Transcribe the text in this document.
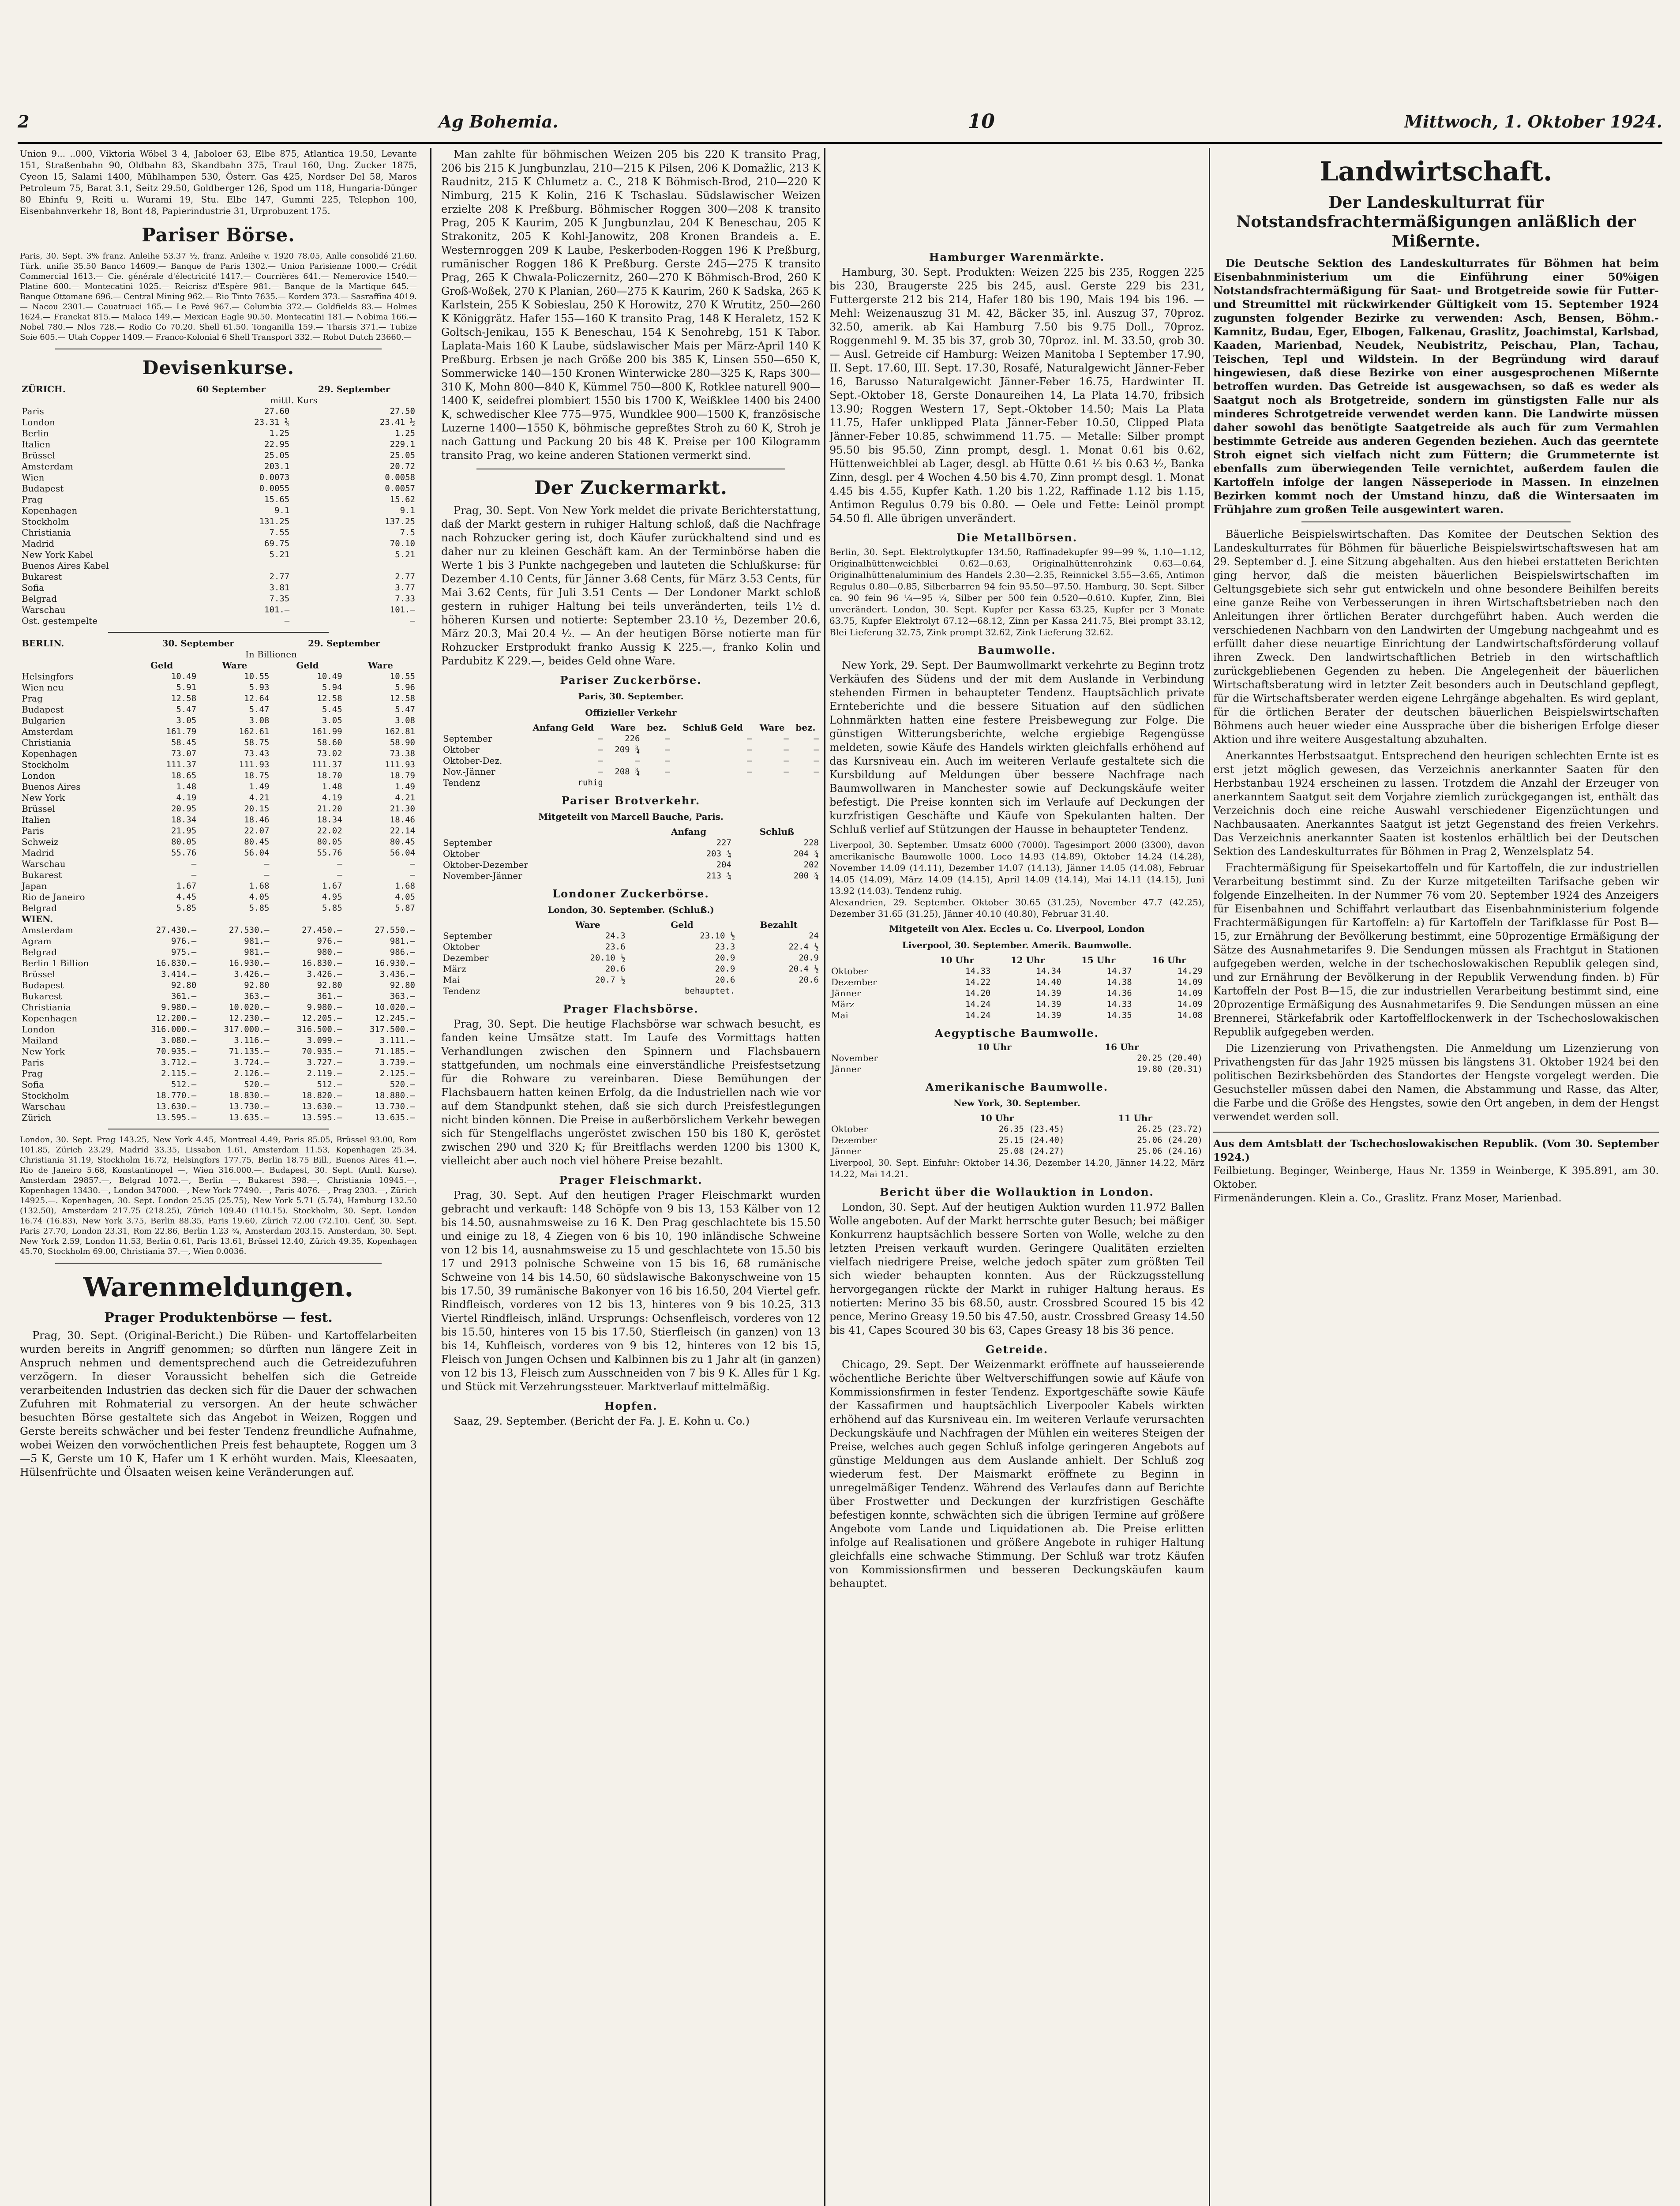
2	Ag Bohemia.	10	Mittwoch, 1. Oktober 1924.
Union 9... ..000, Viktoria Wöbel 3 4, Jaboloer 63, Elbe 875, Atlantica 19.50, Levante 151, Straßenbahn 90, Oldbahn 83, Skandbahn 375, Traul 160, Ung. Zucker 1875, Cyeon 15, Salami 1400, Mühlhampen 530, Österr. Gas 425, Nordser Del 58, Maros Petroleum 75, Barat 3.1, Seitz 29.50, Goldberger 126, Spod um 118, Hungaria-Dünger 80 Ehinfu 9, Reiti u. Wurami 19, Stu. Elbe 147, Gummi 225, Telephon 100, Eisenbahnverkehr 18, Bont 48, Papierindustrie 31, Urprobuzent 175.
Pariser Börse.
Paris, 30. Sept. 3% franz. Anleihe 53.37 ½, franz. Anleihe v. 1920 78.05, Anlle consolidé 21.60. Türk. unifie 35.50 Banco 14609.— Banque de Paris 1302.— Union Parisienne 1000.— Crédit Commercial 1613.— Cie. générale d'électricité 1417.— Courrières 641.— Nemerovice 1540.— Platine 600.— Montecatini 1025.— Reicrisz d'Espère 981.— Banque de la Martique 645.— Banque Ottomane 696.— Central Mining 962.— Rio Tinto 7635.— Kordem 373.— Sasraffina 4019.— Nacou 2301.— Cauatruaci 165.— Le Pavé 967.— Columbia 372.— Goldfields 83.— Holmes 1624.— Franckat 815.— Malaca 149.— Mexican Eagle 90.50. Montecatini 181.— Nobima 166.— Nobel 780.— Nlos 728.— Rodio Co 70.20. Shell 61.50. Tonganilla 159.— Tharsis 371.— Tubize Soie 605.— Utah Copper 1409.— Franco-Kolonial 6 Shell Transport 332.— Robot Dutch 23660.—
Devisenkurse.
ZÜRICH.	60 September	29. September
	mittl. Kurs	
Paris	27.60	27.50
London	23.31 ¾	23.41 ½
Berlin	1.25	1.25
Italien	22.95	229.1
Brüssel	25.05	25.05
Amsterdam	203.1	20.72
Wien	0.0073	0.0058
Budapest	0.0055	0.0057
Prag	15.65	15.62
Kopenhagen	9.1	9.1
Stockholm	131.25	137.25
Christiania	7.55	7.5
Madrid	69.75	70.10
New York Kabel	5.21	5.21
Buenos Aires Kabel		
Bukarest	2.77	2.77
Sofia	3.81	3.77
Belgrad	7.35	7.33
Warschau	101.—	101.—
Ost. gestempelte	—	—
BERLIN.	30. September		29. September	
	In Billionen			
	Geld	Ware	Geld	Ware
Helsingfors	10.49	10.55	10.49	10.55
Wien neu	5.91	5.93	5.94	5.96
Prag	12.58	12.64	12.58	12.58
Budapest	5.47	5.47	5.45	5.47
Bulgarien	3.05	3.08	3.05	3.08
Amsterdam	161.79	162.61	161.99	162.81
Christiania	58.45	58.75	58.60	58.90
Kopenhagen	73.07	73.43	73.02	73.38
Stockholm	111.37	111.93	111.37	111.93
London	18.65	18.75	18.70	18.79
Buenos Aires	1.48	1.49	1.48	1.49
New York	4.19	4.21	4.19	4.21
Brüssel	20.95	20.15	21.20	21.30
Italien	18.34	18.46	18.34	18.46
Paris	21.95	22.07	22.02	22.14
Schweiz	80.05	80.45	80.05	80.45
Madrid	55.76	56.04	55.76	56.04
Warschau	—	—	—	—
Bukarest	—	—	—	—
Japan	1.67	1.68	1.67	1.68
Rio de Janeiro	4.45	4.05	4.95	4.05
Belgrad	5.85	5.85	5.85	5.87
WIEN.				
Amsterdam	27.430.—	27.530.—	27.450.—	27.550.—
Agram	976.—	981.—	976.—	981.—
Belgrad	975.—	981.—	980.—	986.—
Berlin 1 Billion	16.830.—	16.930.—	16.830.—	16.930.—
Brüssel	3.414.—	3.426.—	3.426.—	3.436.—
Budapest	92.80	92.80	92.80	92.80
Bukarest	361.—	363.—	361.—	363.—
Christiania	9.980.—	10.020.—	9.980.—	10.020.—
Kopenhagen	12.200.—	12.230.—	12.205.—	12.245.—
London	316.000.—	317.000.—	316.500.—	317.500.—
Mailand	3.080.—	3.116.—	3.099.—	3.111.—
New York	70.935.—	71.135.—	70.935.—	71.185.—
Paris	3.712.—	3.724.—	3.727.—	3.739.—
Prag	2.115.—	2.126.—	2.119.—	2.125.—
Sofia	512.—	520.—	512.—	520.—
Stockholm	18.770.—	18.830.—	18.820.—	18.880.—
Warschau	13.630.—	13.730.—	13.630.—	13.730.—
Zürich	13.595.—	13.635.—	13.595.—	13.635.—
London, 30. Sept. Prag 143.25, New York 4.45, Montreal 4.49, Paris 85.05, Brüssel 93.00, Rom 101.85, Zürich 23.29, Madrid 33.35, Lissabon 1.61, Amsterdam 11.53, Kopenhagen 25.34, Christiania 31.19, Stockholm 16.72, Helsingfors 177.75, Berlin 18.75 Bill., Buenos Aires 41.—, Rio de Janeiro 5.68, Konstantinopel —, Wien 316.000.—. Budapest, 30. Sept. (Amtl. Kurse). Amsterdam 29857.—, Belgrad 1072.—, Berlin —, Bukarest 398.—, Christiania 10945.—, Kopenhagen 13430.—, London 347000.—, New York 77490.—, Paris 4076.—, Prag 2303.—, Zürich 14925.—. Kopenhagen, 30. Sept. London 25.35 (25.75), New York 5.71 (5.74), Hamburg 132.50 (132.50), Amsterdam 217.75 (218.25), Zürich 109.40 (110.15). Stockholm, 30. Sept. London 16.74 (16.83), New York 3.75, Berlin 88.35, Paris 19.60, Zürich 72.00 (72.10). Genf, 30. Sept. Paris 27.70, London 23.31, Rom 22.86, Berlin 1.23 ¾, Amsterdam 203.15. Amsterdam, 30. Sept. New York 2.59, London 11.53, Berlin 0.61, Paris 13.61, Brüssel 12.40, Zürich 49.35, Kopenhagen 45.70, Stockholm 69.00, Christiania 37.—, Wien 0.0036.
Warenmeldungen.
Prager Produktenbörse — fest.

Prag, 30. Sept. (Original-Bericht.) Die Rüben- und Kartoffelarbeiten wurden bereits in Angriff genommen; so dürften nun längere Zeit in Anspruch nehmen und dementsprechend auch die Getreidezufuhren verzögern. In dieser Voraussicht behelfen sich die Getreide verarbeitenden Industrien das decken sich für die Dauer der schwachen Zufuhren mit Rohmaterial zu versorgen. An der heute schwächer besuchten Börse gestaltete sich das Angebot in Weizen, Roggen und Gerste bereits schwächer und bei fester Tendenz freundliche Aufnahme, wobei Weizen den vorwöchentlichen Preis fest behauptete, Roggen um 3—5 K, Gerste um 10 K, Hafer um 1 K erhöht wurden. Mais, Kleesaaten, Hülsenfrüchte und Ölsaaten weisen keine Veränderungen auf.

Man zahlte für böhmischen Weizen 205 bis 220 K transito Prag, 206 bis 215 K Jungbunzlau, 210—215 K Pilsen, 206 K Domažlic, 213 K Raudnitz, 215 K Chlumetz a. C., 218 K Böhmisch-Brod, 210—220 K Nimburg, 215 K Kolin, 216 K Tschaslau. Südslawischer Weizen erzielte 208 K Preßburg. Böhmischer Roggen 300—208 K transito Prag, 205 K Kaurim, 205 K Jungbunzlau, 204 K Beneschau, 205 K Strakonitz, 205 K Kohl-Janowitz, 208 Kronen Brandeis a. E. Westernroggen 209 K Laube, Peskerboden-Roggen 196 K Preßburg, rumänischer Roggen 186 K Preßburg. Gerste 245—275 K transito Prag, 265 K Chwala-Policzernitz, 260—270 K Böhmisch-Brod, 260 K Groß-Woßek, 270 K Planian, 260—275 K Kaurim, 260 K Sadska, 265 K Karlstein, 255 K Sobieslau, 250 K Horowitz, 270 K Wrutitz, 250—260 K Königgrätz. Hafer 155—160 K transito Prag, 148 K Heraletz, 152 K Goltsch-Jenikau, 155 K Beneschau, 154 K Senohrebg, 151 K Tabor. Laplata-Mais 160 K Laube, südslawischer Mais per März-April 140 K Preßburg. Erbsen je nach Größe 200 bis 385 K, Linsen 550—650 K, Sommerwicke 140—150 Kronen Winterwicke 280—325 K, Raps 300—310 K, Mohn 800—840 K, Kümmel 750—800 K, Rotklee naturell 900—1400 K, seidefrei plombiert 1550 bis 1700 K, Weißklee 1400 bis 2400 K, schwedischer Klee 775—975, Wundklee 900—1500 K, französische Luzerne 1400—1550 K, böhmische gepreßtes Stroh zu 60 K, Stroh je nach Gattung und Packung 20 bis 48 K. Preise per 100 Kilogramm transito Prag, wo keine anderen Stationen vermerkt sind.

Der Zuckermarkt.

Prag, 30. Sept. Von New York meldet die private Berichterstattung, daß der Markt gestern in ruhiger Haltung schloß, daß die Nachfrage nach Rohzucker gering ist, doch Käufer zurückhaltend sind und es daher nur zu kleinen Geschäft kam. An der Terminbörse haben die Werte 1 bis 3 Punkte nachgegeben und lauteten die Schlußkurse: für Dezember 4.10 Cents, für Jänner 3.68 Cents, für März 3.53 Cents, für Mai 3.62 Cents, für Juli 3.51 Cents — Der Londoner Markt schloß gestern in ruhiger Haltung bei teils unveränderten, teils 1½ d. höheren Kursen und notierte: September 23.10 ½, Dezember 20.6, März 20.3, Mai 20.4 ½. — An der heutigen Börse notierte man für Rohzucker Erstprodukt franko Aussig K 225.—, franko Kolin und Pardubitz K 229.—, beides Geld ohne Ware.

Pariser Zuckerbörse.
Paris, 30. September.
Offizieller Verkehr
	Anfang Geld	Ware	bez.	Schluß Geld	Ware	bez.
September	—	226	—	—	—	—
Oktober	—	209 ¾	—	—	—	—
Oktober-Dez.	—	—	—	—	—	—
Nov.-Jänner	—	208 ¾	—	—	—	—
Tendenz	ruhig					
Pariser Brotverkehr.
Mitgeteilt von Marcell Bauche, Paris.
	Anfang	Schluß
September	227	228
Oktober	203 ¾	204 ¾
Oktober-Dezember	204	202
November-Jänner	213 ¾	200 ¾
Londoner Zuckerbörse.
London, 30. September. (Schluß.)
	Ware	Geld	Bezahlt
September	24.3	23.10 ½	24
Oktober	23.6	23.3	22.4 ½
Dezember	20.10 ½	20.9	20.9
März	20.6	20.9	20.4 ½
Mai	20.7 ½	20.6	20.6
Tendenz		behauptet.	
Prager Flachsbörse.

Prag, 30. Sept. Die heutige Flachsbörse war schwach besucht, es fanden keine Umsätze statt. Im Laufe des Vormittags hatten Verhandlungen zwischen den Spinnern und Flachsbauern stattgefunden, um nochmals eine einverständliche Preisfestsetzung für die Rohware zu vereinbaren. Diese Bemühungen der Flachsbauern hatten keinen Erfolg, da die Industriellen nach wie vor auf dem Standpunkt stehen, daß sie sich durch Preisfestlegungen nicht binden können. Die Preise in außerbörslichem Verkehr bewegen sich für Stengelflachs ungeröstet zwischen 150 bis 180 K, geröstet zwischen 290 und 320 K; für Breitflachs werden 1200 bis 1300 K, vielleicht aber auch noch viel höhere Preise bezahlt.

Prager Fleischmarkt.

Prag, 30. Sept. Auf den heutigen Prager Fleischmarkt wurden gebracht und verkauft: 148 Schöpfe von 9 bis 13, 153 Kälber von 12 bis 14.50, ausnahmsweise zu 16 K. Den Prag geschlachtete bis 15.50 und einige zu 18, 4 Ziegen von 6 bis 10, 190 inländische Schweine von 12 bis 14, ausnahmsweise zu 15 und geschlachtete von 15.50 bis 17 und 2913 polnische Schweine von 15 bis 16, 68 rumänische Schweine von 14 bis 14.50, 60 südslawische Bakonyschweine von 15 bis 17.50, 39 rumänische Bakonyer von 16 bis 16.50, 204 Viertel gefr. Rindfleisch, vorderes von 12 bis 13, hinteres von 9 bis 10.25, 313 Viertel Rindfleisch, inländ. Ursprungs: Ochsenfleisch, vorderes von 12 bis 15.50, hinteres von 15 bis 17.50, Stierfleisch (in ganzen) von 13 bis 14, Kuhfleisch, vorderes von 9 bis 12, hinteres von 12 bis 15, Fleisch von Jungen Ochsen und Kalbinnen bis zu 1 Jahr alt (in ganzen) von 12 bis 13, Fleisch zum Ausschneiden von 7 bis 9 K. Alles für 1 Kg. und Stück mit Verzehrungssteuer. Marktverlauf mittelmäßig.

Hopfen.

Saaz, 29. September. (Bericht der Fa. J. E. Kohn u. Co.)

Hamburger Warenmärkte.

Hamburg, 30. Sept. Produkten: Weizen 225 bis 235, Roggen 225 bis 230, Braugerste 225 bis 245, ausl. Gerste 229 bis 231, Futtergerste 212 bis 214, Hafer 180 bis 190, Mais 194 bis 196. — Mehl: Weizenauszug 31 M. 42, Bäcker 35, inl. Auszug 37, 70proz. 32.50, amerik. ab Kai Hamburg 7.50 bis 9.75 Doll., 70proz. Roggenmehl 9. M. 35 bis 37, grob 30, 70proz. inl. M. 33.50, grob 30. — Ausl. Getreide cif Hamburg: Weizen Manitoba I September 17.90, II. Sept. 17.60, III. Sept. 17.30, Rosafé, Naturalgewicht Jänner-Feber 16, Barusso Naturalgewicht Jänner-Feber 16.75, Hardwinter II. Sept.-Oktober 18, Gerste Donaureihen 14, La Plata 14.70, fribsich 13.90; Roggen Western 17, Sept.-Oktober 14.50; Mais La Plata 11.75, Hafer unklipped Plata Jänner-Feber 10.50, Clipped Plata Jänner-Feber 10.85, schwimmend 11.75. — Metalle: Silber prompt 95.50 bis 95.50, Zinn prompt, desgl. 1. Monat 0.61 bis 0.62, Hüttenweichblei ab Lager, desgl. ab Hütte 0.61 ½ bis 0.63 ½, Banka Zinn, desgl. per 4 Wochen 4.50 bis 4.70, Zinn prompt desgl. 1. Monat 4.45 bis 4.55, Kupfer Kath. 1.20 bis 1.22, Raffinade 1.12 bis 1.15, Antimon Regulus 0.79 bis 0.80. — Oele und Fette: Leinöl prompt 54.50 fl. Alle übrigen unverändert.

Die Metallbörsen.
Berlin, 30. Sept. Elektrolytkupfer 134.50, Raffinadekupfer 99—99 %, 1.10—1.12, Originalhüttenweichblei 0.62—0.63, Originalhüttenrohzink 0.63—0.64, Originalhüttenaluminium des Handels 2.30—2.35, Reinnickel 3.55—3.65, Antimon Regulus 0.80—0.85, Silberbarren 94 fein 95.50—97.50. Hamburg, 30. Sept. Silber ca. 90 fein 96 ¼—95 ¼, Silber per 500 fein 0.520—0.610. Kupfer, Zinn, Blei unverändert. London, 30. Sept. Kupfer per Kassa 63.25, Kupfer per 3 Monate 63.75, Kupfer Elektrolyt 67.12—68.12, Zinn per Kassa 241.75, Blei prompt 33.12, Blei Lieferung 32.75, Zink prompt 32.62, Zink Lieferung 32.62.
Baumwolle.

New York, 29. Sept. Der Baumwollmarkt verkehrte zu Beginn trotz Verkäufen des Südens und der mit dem Auslande in Verbindung stehenden Firmen in behaupteter Tendenz. Hauptsächlich private Ernteberichte und die bessere Situation auf den südlichen Lohnmärkten hatten eine festere Preisbewegung zur Folge. Die günstigen Witterungsberichte, welche ergiebige Regengüsse meldeten, sowie Käufe des Handels wirkten gleichfalls erhöhend auf das Kursniveau ein. Auch im weiteren Verlaufe gestaltete sich die Kursbildung auf Meldungen über bessere Nachfrage nach Baumwollwaren in Manchester sowie auf Deckungskäufe weiter befestigt. Die Preise konnten sich im Verlaufe auf Deckungen der kurzfristigen Geschäfte und Käufe von Spekulanten halten. Der Schluß verlief auf Stützungen der Hausse in behaupteter Tendenz.

Liverpool, 30. September. Umsatz 6000 (7000). Tagesimport 2000 (3300), davon amerikanische Baumwolle 1000. Loco 14.93 (14.89), Oktober 14.24 (14.28), November 14.09 (14.11), Dezember 14.07 (14.13), Jänner 14.05 (14.08), Februar 14.05 (14.09), März 14.09 (14.15), April 14.09 (14.14), Mai 14.11 (14.15), Juni 13.92 (14.03). Tendenz ruhig.
Alexandrien, 29. September. Oktober 30.65 (31.25), November 47.7 (42.25), Dezember 31.65 (31.25), Jänner 40.10 (40.80), Februar 31.40.
Mitgeteilt von Alex. Eccles u. Co. Liverpool, London
Liverpool, 30. September. Amerik. Baumwolle.
	10 Uhr	12 Uhr	15 Uhr	16 Uhr
Oktober	14.33	14.34	14.37	14.29
Dezember	14.22	14.40	14.38	14.09
Jänner	14.20	14.39	14.36	14.09
März	14.24	14.39	14.33	14.09
Mai	14.24	14.39	14.35	14.08
Aegyptische Baumwolle.
	10 Uhr	16 Uhr
November		20.25 (20.40)
Jänner		19.80 (20.31)
Amerikanische Baumwolle.
New York, 30. September.
	10 Uhr	11 Uhr
Oktober	26.35 (23.45)	26.25 (23.72)
Dezember	25.15 (24.40)	25.06 (24.20)
Jänner	25.08 (24.27)	25.06 (24.16)
Liverpool, 30. Sept. Einfuhr: Oktober 14.36, Dezember 14.20, Jänner 14.22, März 14.22, Mai 14.21.
Bericht über die Wollauktion in London.

London, 30. Sept. Auf der heutigen Auktion wurden 11.972 Ballen Wolle angeboten. Auf der Markt herrschte guter Besuch; bei mäßiger Konkurrenz hauptsächlich bessere Sorten von Wolle, welche zu den letzten Preisen verkauft wurden. Geringere Qualitäten erzielten vielfach niedrigere Preise, welche jedoch später zum größten Teil sich wieder behaupten konnten. Aus der Rückzugsstellung hervorgegangen rückte der Markt in ruhiger Haltung heraus. Es notierten: Merino 35 bis 68.50, austr. Crossbred Scoured 15 bis 42 pence, Merino Greasy 19.50 bis 47.50, austr. Crossbred Greasy 14.50 bis 41, Capes Scoured 30 bis 63, Capes Greasy 18 bis 36 pence.

Getreide.

Chicago, 29. Sept. Der Weizenmarkt eröffnete auf hausseierende wöchentliche Berichte über Weltverschiffungen sowie auf Käufe von Kommissionsfirmen in fester Tendenz. Exportgeschäfte sowie Käufe der Kassafirmen und hauptsächlich Liverpooler Kabels wirkten erhöhend auf das Kursniveau ein. Im weiteren Verlaufe verursachten Deckungskäufe und Nachfragen der Mühlen ein weiteres Steigen der Preise, welches auch gegen Schluß infolge geringeren Angebots auf günstige Meldungen aus dem Auslande anhielt. Der Schluß zog wiederum fest. Der Maismarkt eröffnete zu Beginn in unregelmäßiger Tendenz. Während des Verlaufes dann auf Berichte über Frostwetter und Deckungen der kurzfristigen Geschäfte befestigen konnte, schwächten sich die übrigen Termine auf größere Angebote vom Lande und Liquidationen ab. Die Preise erlitten infolge auf Realisationen und größere Angebote in ruhiger Haltung gleichfalls eine schwache Stimmung. Der Schluß war trotz Käufen von Kommissionsfirmen und besseren Deckungskäufen kaum behauptet.

Landwirtschaft.
Der Landeskulturrat für Notstandsfrachtermäßigungen anläßlich der Mißernte.

Die Deutsche Sektion des Landeskulturrates für Böhmen hat beim Eisenbahnministerium um die Einführung einer 50%igen Notstandsfrachtermäßigung für Saat- und Brotgetreide sowie für Futter- und Streumittel mit rückwirkender Gültigkeit vom 15. September 1924 zugunsten folgender Bezirke zu verwenden: Asch, Bensen, Böhm.-Kamnitz, Budau, Eger, Elbogen, Falkenau, Graslitz, Joachimstal, Karlsbad, Kaaden, Marienbad, Neudek, Neubistritz, Peischau, Plan, Tachau, Teischen, Tepl und Wildstein. In der Begründung wird darauf hingewiesen, daß diese Bezirke von einer ausgesprochenen Mißernte betroffen wurden. Das Getreide ist ausgewachsen, so daß es weder als Saatgut noch als Brotgetreide, sondern im günstigsten Falle nur als minderes Schrotgetreide verwendet werden kann. Die Landwirte müssen daher sowohl das benötigte Saatgetreide als auch für zum Vermahlen bestimmte Getreide aus anderen Gegenden beziehen. Auch das geerntete Stroh eignet sich vielfach nicht zum Füttern; die Grummeternte ist ebenfalls zum überwiegenden Teile vernichtet, außerdem faulen die Kartoffeln infolge der langen Nässeperiode in Massen. In einzelnen Bezirken kommt noch der Umstand hinzu, daß die Wintersaaten im Frühjahre zum großen Teile ausgewintert waren.

Bäuerliche Beispielswirtschaften. Das Komitee der Deutschen Sektion des Landeskulturrates für Böhmen für bäuerliche Beispielswirtschaftswesen hat am 29. September d. J. eine Sitzung abgehalten. Aus den hiebei erstatteten Berichten ging hervor, daß die meisten bäuerlichen Beispielswirtschaften im Geltungsgebiete sich sehr gut entwickeln und ohne besondere Beihilfen bereits eine ganze Reihe von Verbesserungen in ihren Wirtschaftsbetrieben nach den Anleitungen ihrer örtlichen Berater durchgeführt haben. Auch werden die verschiedenen Nachbarn von den Landwirten der Umgebung nachgeahmt und es erfüllt daher diese neuartige Einrichtung der Landwirtschaftsförderung vollauf ihren Zweck. Den landwirtschaftlichen Betrieb in den wirtschaftlich zurückgebliebenen Gegenden zu heben. Die Angelegenheit der bäuerlichen Wirtschaftsberatung wird in letzter Zeit besonders auch in Deutschland gepflegt, für die Wirtschaftsberater werden eigene Lehrgänge abgehalten. Es wird geplant, für die örtlichen Berater der deutschen bäuerlichen Beispielswirtschaften Böhmens auch heuer wieder eine Aussprache über die bisherigen Erfolge dieser Aktion und ihre weitere Ausgestaltung abzuhalten.

Anerkanntes Herbstsaatgut. Entsprechend den heurigen schlechten Ernte ist es erst jetzt möglich gewesen, das Verzeichnis anerkannter Saaten für den Herbstanbau 1924 erscheinen zu lassen. Trotzdem die Anzahl der Erzeuger von anerkanntem Saatgut seit dem Vorjahre ziemlich zurückgegangen ist, enthält das Verzeichnis doch eine reiche Auswahl verschiedener Eigenzüchtungen und Nachbausaaten. Anerkanntes Saatgut ist jetzt Gegenstand des freien Verkehrs. Das Verzeichnis anerkannter Saaten ist kostenlos erhältlich bei der Deutschen Sektion des Landeskulturrates für Böhmen in Prag 2, Wenzelsplatz 54.

Frachtermäßigung für Speisekartoffeln und für Kartoffeln, die zur industriellen Verarbeitung bestimmt sind. Zu der Kurze mitgeteilten Tarifsache geben wir folgende Einzelheiten. In der Nummer 76 vom 20. September 1924 des Anzeigers für Eisenbahnen und Schiffahrt verlautbart das Eisenbahnministerium folgende Frachtermäßigungen für Kartoffeln: a) für Kartoffeln der Tarifklasse für Post B—15, zur Ernährung der Bevölkerung bestimmt, eine 50prozentige Ermäßigung der Sätze des Ausnahmetarifes 9. Die Sendungen müssen als Frachtgut in Stationen aufgegeben werden, welche in der tschechoslowakischen Republik gelegen sind, und zur Ernährung der Bevölkerung in der Republik Verwendung finden. b) Für Kartoffeln der Post B—15, die zur industriellen Verarbeitung bestimmt sind, eine 20prozentige Ermäßigung des Ausnahmetarifes 9. Die Sendungen müssen an eine Brennerei, Stärkefabrik oder Kartoffelflockenwerk in der Tschechoslowakischen Republik aufgegeben werden.

Die Lizenzierung von Privathengsten. Die Anmeldung um Lizenzierung von Privathengsten für das Jahr 1925 müssen bis längstens 31. Oktober 1924 bei den politischen Bezirksbehörden des Standortes der Hengste vorgelegt werden. Die Gesuchsteller müssen dabei den Namen, die Abstammung und Rasse, das Alter, die Farbe und die Größe des Hengstes, sowie den Ort angeben, in dem der Hengst verwendet werden soll.

Aus dem Amtsblatt der Tschechoslowakischen Republik. (Vom 30. September 1924.)
Feilbietung. Beginger, Weinberge, Haus Nr. 1359 in Weinberge, K 395.891, am 30. Oktober.
Firmenänderungen. Klein a. Co., Graslitz. Franz Moser, Marienbad.
